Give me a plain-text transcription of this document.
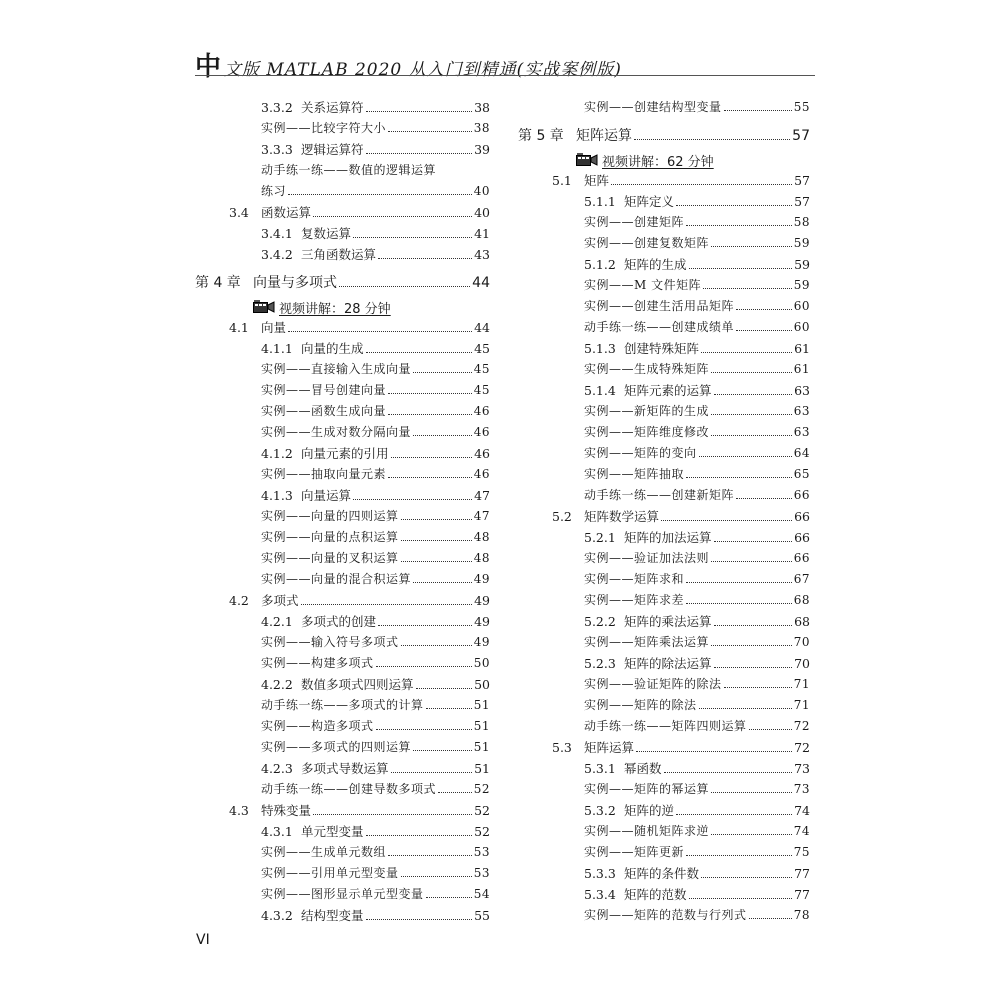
中文版 MATLAB 2020 从入门到精通(实战案例版)
3.3.2 关系运算符	38
实例——比较字符大小	38
3.3.3 逻辑运算符	39
动手练一练——数值的逻辑运算
练习	40
3.4 函数运算	40
3.4.1 复数运算	41
3.4.2 三角函数运算	43
第 4 章 向量与多项式	44
视频讲解：28 分钟
4.1 向量	44
4.1.1 向量的生成	45
实例——直接输入生成向量	45
实例——冒号创建向量	45
实例——函数生成向量	46
实例——生成对数分隔向量	46
4.1.2 向量元素的引用	46
实例——抽取向量元素	46
4.1.3 向量运算	47
实例——向量的四则运算	47
实例——向量的点积运算	48
实例——向量的叉积运算	48
实例——向量的混合积运算	49
4.2 多项式	49
4.2.1 多项式的创建	49
实例——输入符号多项式	49
实例——构建多项式	50
4.2.2 数值多项式四则运算	50
动手练一练——多项式的计算	51
实例——构造多项式	51
实例——多项式的四则运算	51
4.2.3 多项式导数运算	51
动手练一练——创建导数多项式	52
4.3 特殊变量	52
4.3.1 单元型变量	52
实例——生成单元数组	53
实例——引用单元型变量	53
实例——图形显示单元型变量	54
4.3.2 结构型变量	55
实例——创建结构型变量	55
第 5 章 矩阵运算	57
视频讲解：62 分钟
5.1 矩阵	57
5.1.1 矩阵定义	57
实例——创建矩阵	58
实例——创建复数矩阵	59
5.1.2 矩阵的生成	59
实例——M 文件矩阵	59
实例——创建生活用品矩阵	60
动手练一练——创建成绩单	60
5.1.3 创建特殊矩阵	61
实例——生成特殊矩阵	61
5.1.4 矩阵元素的运算	63
实例——新矩阵的生成	63
实例——矩阵维度修改	63
实例——矩阵的变向	64
实例——矩阵抽取	65
动手练一练——创建新矩阵	66
5.2 矩阵数学运算	66
5.2.1 矩阵的加法运算	66
实例——验证加法法则	66
实例——矩阵求和	67
实例——矩阵求差	68
5.2.2 矩阵的乘法运算	68
实例——矩阵乘法运算	70
5.2.3 矩阵的除法运算	70
实例——验证矩阵的除法	71
实例——矩阵的除法	71
动手练一练——矩阵四则运算	72
5.3 矩阵运算	72
5.3.1 幂函数	73
实例——矩阵的幂运算	73
5.3.2 矩阵的逆	74
实例——随机矩阵求逆	74
实例——矩阵更新	75
5.3.3 矩阵的条件数	77
5.3.4 矩阵的范数	77
实例——矩阵的范数与行列式	78
VI
